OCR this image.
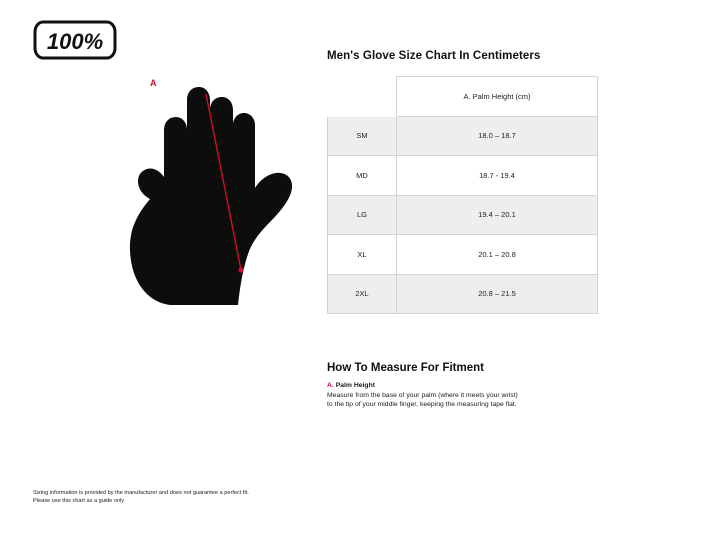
100%
A
Men's Glove Size Chart In Centimeters
	A. Palm Height (cm)
SM	18.0 – 18.7
MD	18.7 - 19.4
LG	19.4 – 20.1
XL	20.1 – 20.8
2XL	20.8 – 21.5
How To Measure For Fitment
A. Palm Height
Measure from the base of your palm (where it meets your wrist) to the tip of your middle finger, keeping the measuring tape flat.
Sizing information is provided by the manufacturer and does not guarantee a perfect fit.
Please use this chart as a guide only
